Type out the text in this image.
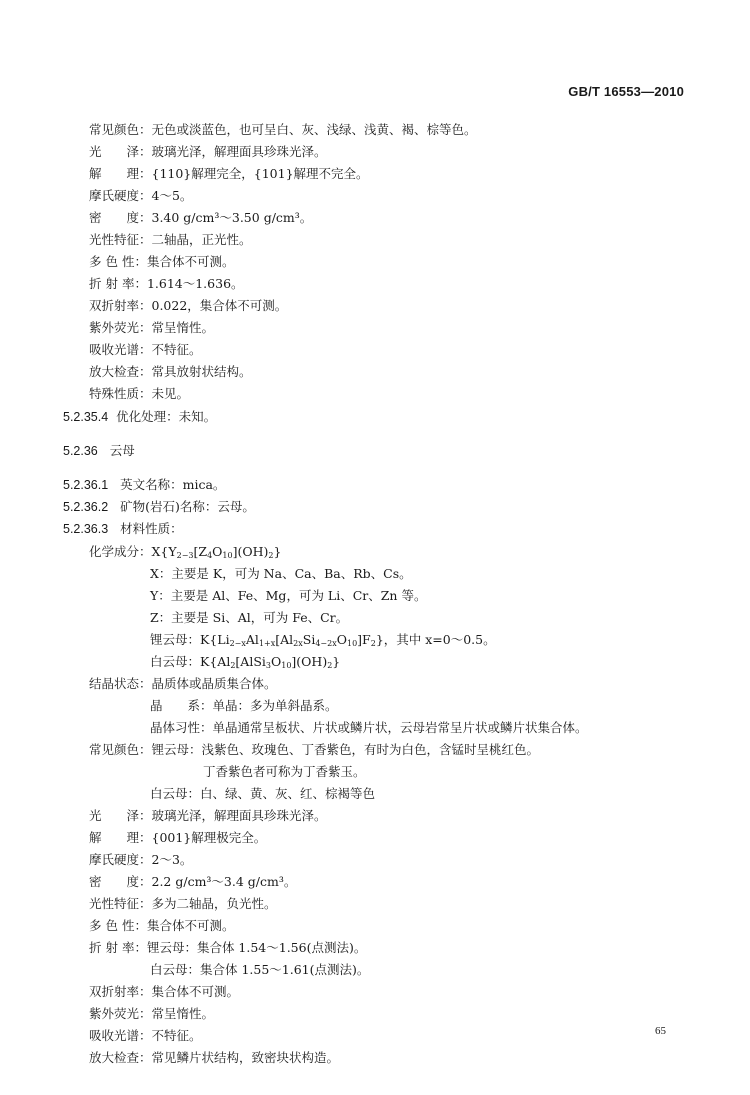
GB/T 16553—2010
常见颜色：无色或淡蓝色，也可呈白、灰、浅绿、浅黄、褐、棕等色。
光　　泽：玻璃光泽，解理面具珍珠光泽。
解　　理：{110}解理完全，{101}解理不完全。
摩氏硬度：4～5。
密　　度：3.40 g/cm³～3.50 g/cm³。
光性特征：二轴晶，正光性。
多 色 性：集合体不可测。
折 射 率：1.614～1.636。
双折射率：0.022，集合体不可测。
紫外荧光：常呈惰性。
吸收光谱：不特征。
放大检查：常具放射状结构。
特殊性质：未见。
5.2.35.4 优化处理：未知。
5.2.36 云母
5.2.36.1 英文名称：mica。
5.2.36.2 矿物(岩石)名称：云母。
5.2.36.3 材料性质：
化学成分：$X\{Y_{2-3}[Z_4O_{10}](OH)_2\}$
X：主要是 K，可为 Na、Ca、Ba、Rb、Cs。
Y：主要是 Al、Fe、Mg，可为 Li、Cr、Zn 等。
Z：主要是 Si、Al，可为 Fe、Cr。
锂云母：$K\{Li_{2-x}Al_{1+x}[Al_{2x}Si_{4-2x}O_{10}]F_2\}$，其中 x=0～0.5。
白云母：$K\{Al_2[AlSi_3O_{10}](OH)_2\}$
结晶状态：晶质体或晶质集合体。
晶　　系：单晶：多为单斜晶系。
晶体习性：单晶通常呈板状、片状或鳞片状，云母岩常呈片状或鳞片状集合体。
常见颜色：锂云母：浅紫色、玫瑰色、丁香紫色，有时为白色，含锰时呈桃红色。
丁香紫色者可称为丁香紫玉。
白云母：白、绿、黄、灰、红、棕褐等色
光　　泽：玻璃光泽，解理面具珍珠光泽。
解　　理：{001}解理极完全。
摩氏硬度：2～3。
密　　度：2.2 g/cm³～3.4 g/cm³。
光性特征：多为二轴晶，负光性。
多 色 性：集合体不可测。
折 射 率：锂云母：集合体 1.54～1.56(点测法)。
白云母：集合体 1.55～1.61(点测法)。
双折射率：集合体不可测。
紫外荧光：常呈惰性。
吸收光谱：不特征。
放大检查：常见鳞片状结构，致密块状构造。
65
